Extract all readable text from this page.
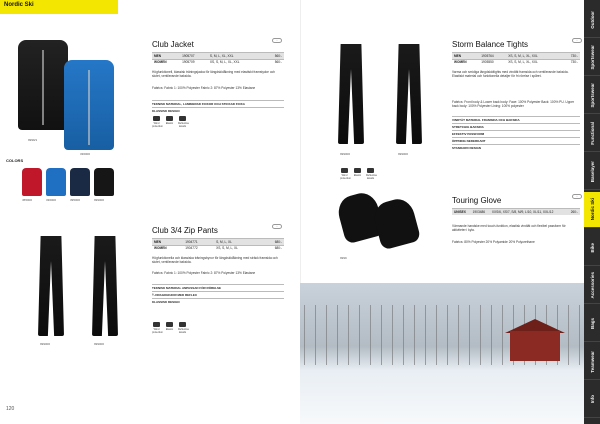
Nordic Ski
Outdoor
Sportswear
Sportswear
Functional
Baselayer
Nordic Ski
Bike
Accessories
Bags
Teamwear
Info
9999/1
336000
COLORS
455000	336000	395000	999000
Club Jacket	○
MEN	1905707	S, M, L, XL, XXL	560:-
WOMEN	1905709	XS, S, M, L, XL, XXL	560:-
Högfunktionell, klassisk träningsjacka för längdskidåkning med elastiskt framstycke och slutet, ventilerande baksida.
Fabrics: Fabric 1: 100% Polyester Fabric 2: 87% Polyester 13% Elastane
TEKNISK MATERIAL, LAMINERAD FICKOR OCH STICKAD FICKA
KLASSISK DESIGN
Wind protection
Elastic	Reflective details
999000	999000
Club 3/4 Zip Pants	○
MEN	1904771	S, M, L, XL	680:-
WOMEN	1904772	XS, S, M, L, XL	680:-
Högfunktionella och klassiska träningsbyxor för längdskidåkning med sträck framsida och slutet, ventilerande baksida.
Fabrics: Fabric 1: 100% Polyester Fabric 2: 87% Polyester 13% Elastane
TEKNISK MATERIAL ANPASSAD FÖR RÖRELSE
¾ DRAGKEDJOR MED REFLEX
KLASSISK DESIGN
Wind protection
Elastic	Reflective details
120
999000	999000
Storm Balance Tights	○
MEN	1905764	XS, S, M, L, XL, XXL	730:-
WOMEN	1905550	XS, S, M, L, XL, XXL	730:-
Varma och smidiga längdskidtights med vindtät framsida och ventilerande baksida. Elastiskt material och funktionella detaljer för fri rörelse i spåret.
Fabrics: Front body & Lower back body: Face: 100% Polyester Back: 100% PU. Upper back body: 100% Polyester Lining: 100% polyester
VINDTÄT MATERIAL FRAMSIDA OCH BAKSIDA
STRETCHIG BAKSIDA
EFFEKTIV PASSFORM
ÖPPNING NEDERKANT
STANDARD DESIGN
Wind protection
Elastic	Reflective details
9999
Touring Glove	○
UNISEX	1903486	XXS/6, XS/7, S/8, M/9, L/10, XL/11, XXL/12	260:-
Värmande handske med touch-funktion, elastisk vindtät och flexibel passform för aktiviteter i kyla.
Fabrics: 80% Polyester 20% Polyamide 20% Polyurethane
